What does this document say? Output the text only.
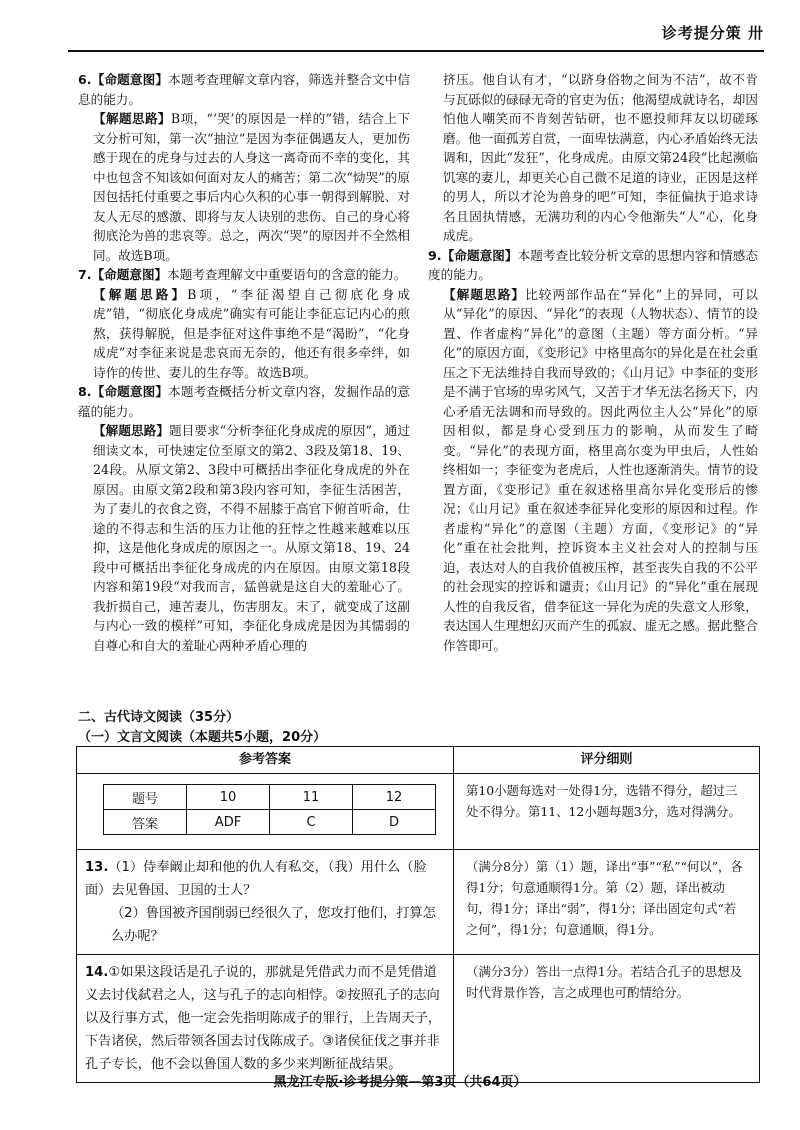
诊考提分策 卅

6.【命题意图】本题考查理解文章内容，筛选并整合文中信息的能力。

【解题思路】B项，“‘哭’的原因是一样的”错，结合上下文分析可知，第一次“抽泣”是因为李征偶遇友人，更加伤感于现在的虎身与过去的人身这一离奇而不幸的变化，其中也包含不知该如何面对友人的痛苦；第二次“恸哭”的原因包括托付重要之事后内心久积的心事一朝得到解脱、对友人无尽的感激、即将与友人诀别的悲伤、自己的身心将彻底沦为兽的悲哀等。总之，两次“哭”的原因并不全然相同。故选B项。

7.【命题意图】本题考查理解文中重要语句的含意的能力。

【解题思路】B项，“李征渴望自己彻底化身成虎”错，“彻底化身成虎”确实有可能让李征忘记内心的煎熬，获得解脱，但是李征对这件事绝不是“渴盼”，“化身成虎”对李征来说是悲哀而无奈的，他还有很多牵绊，如诗作的传世、妻儿的生存等。故选B项。

8.【命题意图】本题考查概括分析文章内容，发掘作品的意蕴的能力。

【解题思路】题目要求“分析李征化身成虎的原因”，通过细读文本，可快速定位至原文的第2、3段及第18、19、24段。从原文第2、3段中可概括出李征化身成虎的外在原因。由原文第2段和第3段内容可知，李征生活困苦，为了妻儿的衣食之资，不得不屈膝于高官下俯首听命，仕途的不得志和生活的压力让他的狂悖之性越来越难以压抑，这是他化身成虎的原因之一。从原文第18、19、24段中可概括出李征化身成虎的内在原因。由原文第18段内容和第19段“对我而言，猛兽就是这自大的羞耻心了。我折损自己，連苦妻儿，伤害朋友。末了，就变成了这副与内心一致的模样”可知，李征化身成虎是因为其懦弱的自尊心和自大的羞耻心两种矛盾心理的

挤压。他自认有才，“以跻身俗物之间为不洁”，故不肯与瓦砾似的碌碌无奇的官吏为伍；他渴望成就诗名，却因怕他人嘲笑而不肯刻苦钻研，也不愿投师拜友以切磋琢磨。他一面孤芳自赏，一面卑怯满意，内心矛盾始终无法调和，因此“发狂”，化身成虎。由原文第24段“比起濒临饥寒的妻儿，却更关心自己微不足道的诗业，正因是这样的男人，所以才沦为兽身的吧”可知，李征偏执于追求诗名且固执情感，无满功利的内心令他渐失“人”心，化身成虎。

9.【命题意图】本题考查比较分析文章的思想内容和情感态度的能力。

【解题思路】比较两部作品在“异化”上的异同，可以从“异化”的原因、“异化”的表现（人物状态）、情节的设置、作者虚构“异化”的意图（主题）等方面分析。“异化”的原因方面，《变形记》中格里高尔的异化是在社会重压之下无法维持自我而导致的；《山月记》中李征的变形是不满于官场的卑劣风气，又苦于才华无法名扬天下，内心矛盾无法调和而导致的。因此两位主人公“异化”的原因相似，都是身心受到压力的影响，从而发生了畸变。“异化”的表现方面，格里高尔变为甲虫后，人性始终相如一；李征变为老虎后，人性也逐渐消失。情节的设置方面，《变形记》重在叙述格里高尔异化变形后的惨况；《山月记》重在叙述李征异化变形的原因和过程。作者虚构“异化”的意图（主题）方面，《变形记》的“异化”重在社会批判，控诉资本主义社会对人的控制与压迫，表达对人的自我价值被压榨，甚至丧失自我的不公平的社会现实的控诉和谴责；《山月记》的“异化”重在展现人性的自我反省，借李征这一异化为虎的失意文人形象，表达国人生理想幻灭而产生的孤寂、虚无之感。据此整合作答即可。

二、古代诗文阅读（35分）
（一）文言文阅读（本题共5小题，20分）
参考答案	评分细则

题号	10	11	12
答案	ADF	C	D
	第10小题每选对一处得1分，选错不得分，超过三处不得分。第11、12小题每题3分，选对得满分。
13.（1）侍奉阚止却和他的仇人有私交，（我）用什么（脸面）去见鲁国、卫国的士人？
（2）鲁国被齐国削弱已经很久了，您攻打他们，打算怎么办呢？	（满分8分）第（1）题，译出“事”“私”“何以”，各得1分；句意通顺得1分。第（2）题，译出被动句，得1分；译出“弱”，得1分；译出固定句式“若之何”，得1分；句意通顺，得1分。
14.①如果这段话是孔子说的，那就是凭借武力而不是凭借道义去讨伐弑君之人，这与孔子的志向相悖。②按照孔子的志向以及行事方式，他一定会先指明陈成子的罪行，上告周天子，下告诸侯，然后带领各国去讨伐陈成子。③诸侯征伐之事并非孔子专长，他不会以鲁国人数的多少来判断征战结果。	（满分3分）答出一点得1分。若结合孔子的思想及时代背景作答，言之成理也可酌情给分。
黑龙江专版·诊考提分策—第3页（共64页）
